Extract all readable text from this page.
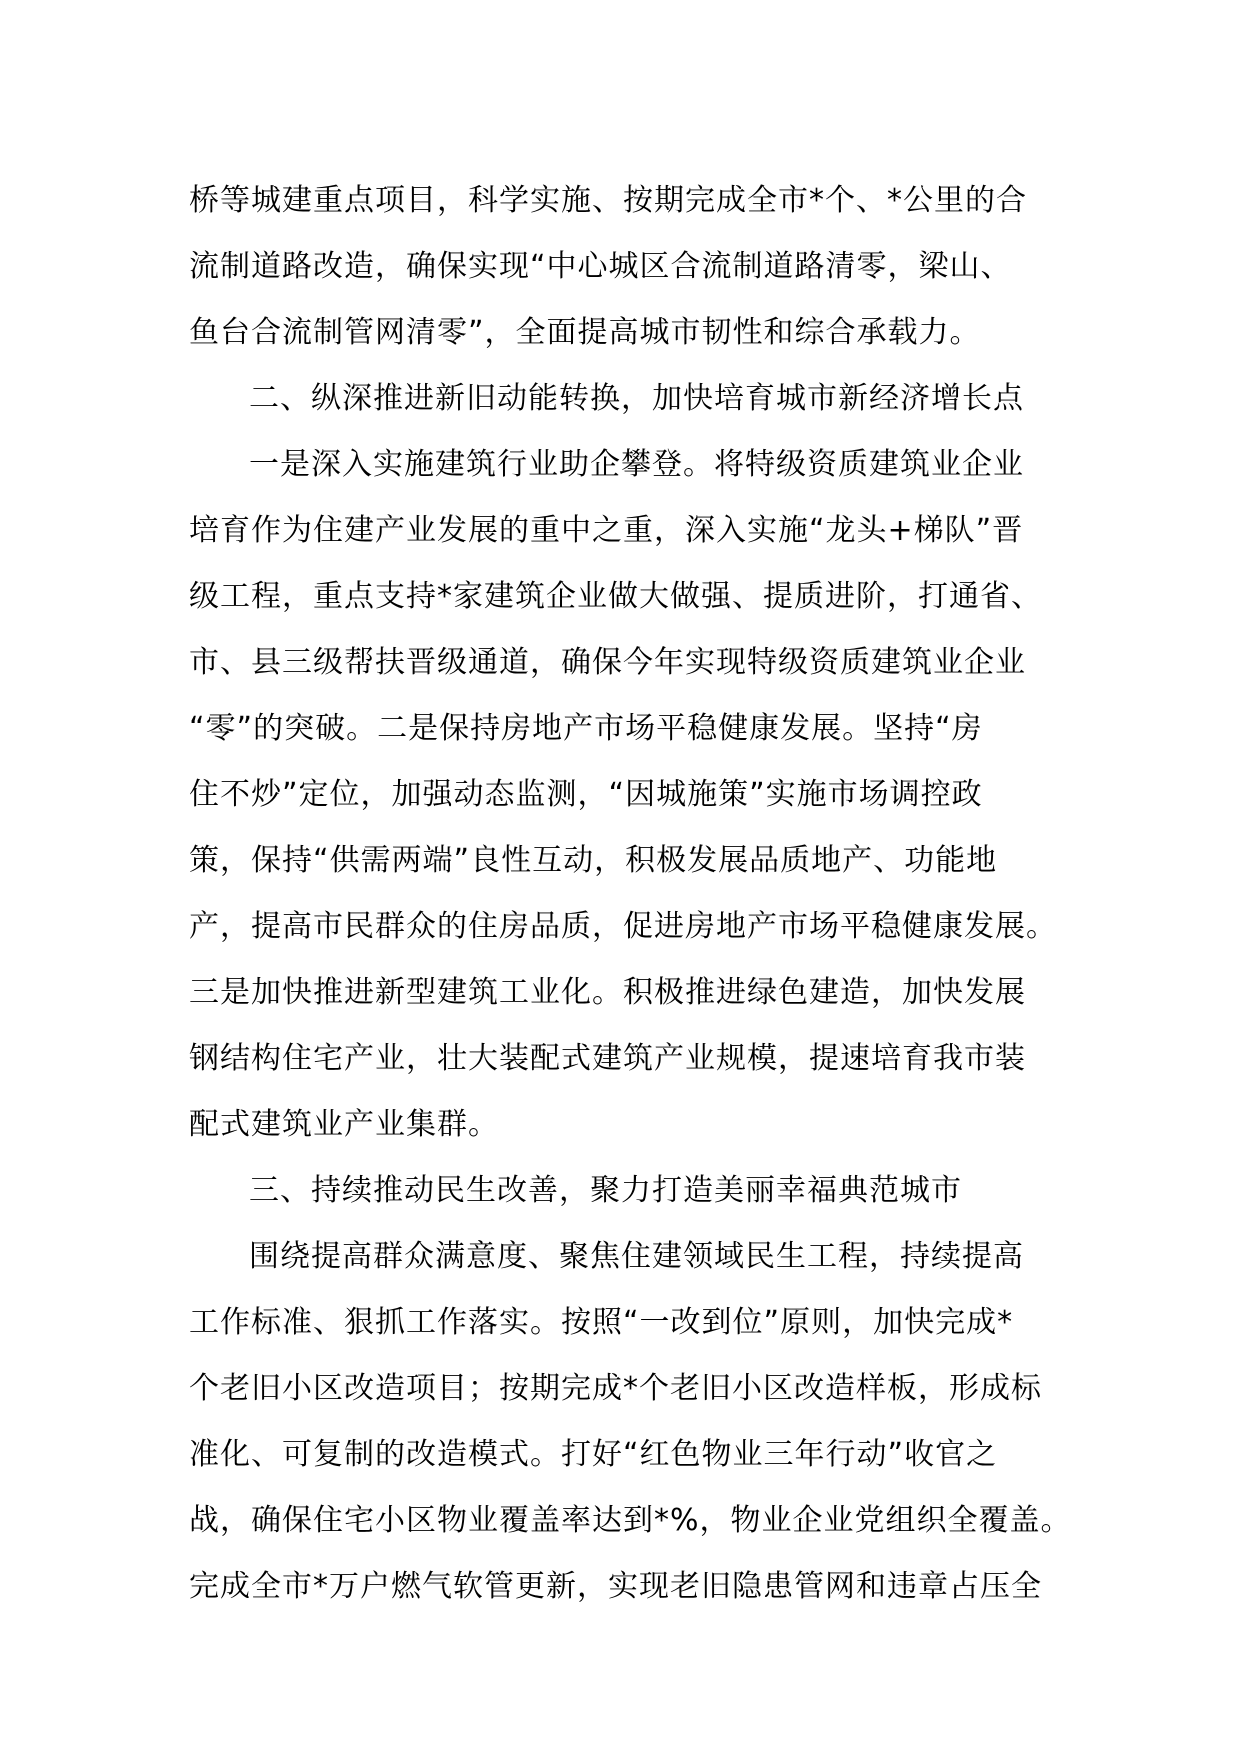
桥等城建重点项目，科学实施、按期完成全市*个、*公里的合
流制道路改造，确保实现“中心城区合流制道路清零，梁山、
鱼台合流制管网清零”，全面提高城市韧性和综合承载力。
二、纵深推进新旧动能转换，加快培育城市新经济增长点
一是深入实施建筑行业助企攀登。将特级资质建筑业企业
培育作为住建产业发展的重中之重，深入实施“龙头+梯队”晋
级工程，重点支持*家建筑企业做大做强、提质进阶，打通省、
市、县三级帮扶晋级通道，确保今年实现特级资质建筑业企业
“零”的突破。二是保持房地产市场平稳健康发展。坚持“房
住不炒”定位，加强动态监测，“因城施策”实施市场调控政
策，保持“供需两端”良性互动，积极发展品质地产、功能地
产，提高市民群众的住房品质，促进房地产市场平稳健康发展。
三是加快推进新型建筑工业化。积极推进绿色建造，加快发展
钢结构住宅产业，壮大装配式建筑产业规模，提速培育我市装
配式建筑业产业集群。
三、持续推动民生改善，聚力打造美丽幸福典范城市
围绕提高群众满意度、聚焦住建领域民生工程，持续提高
工作标准、狠抓工作落实。按照“一改到位”原则，加快完成*
个老旧小区改造项目；按期完成*个老旧小区改造样板，形成标
准化、可复制的改造模式。打好“红色物业三年行动”收官之
战，确保住宅小区物业覆盖率达到*%，物业企业党组织全覆盖。
完成全市*万户燃气软管更新，实现老旧隐患管网和违章占压全
